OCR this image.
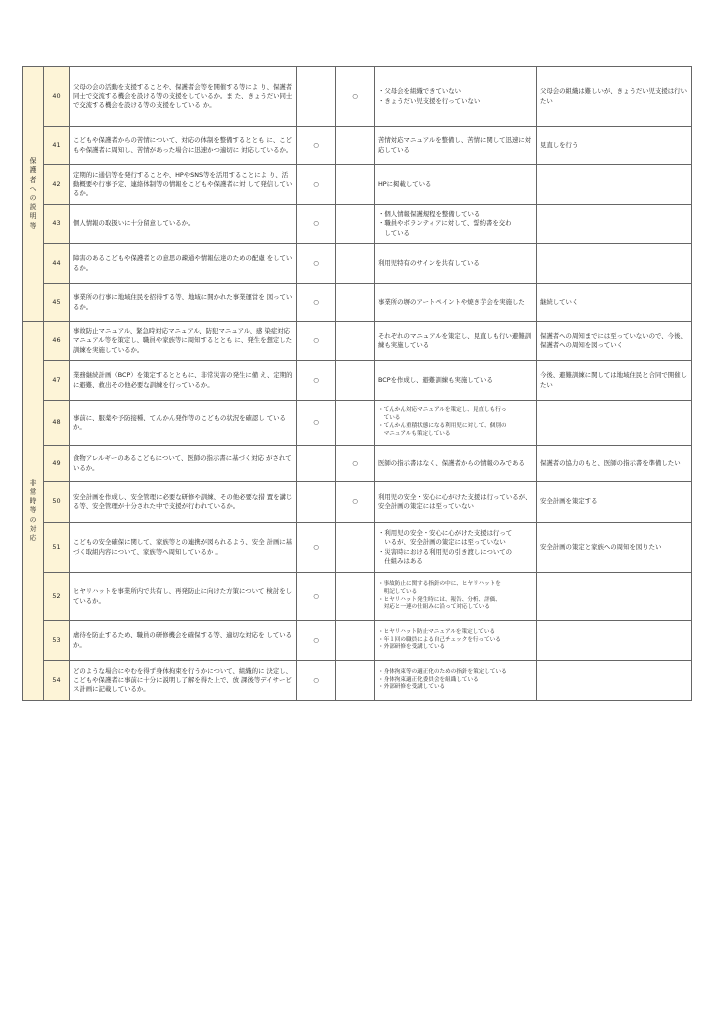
保護者への説明等	40	父母の会の活動を支援することや、保護者会等を開催する等によ り、保護者同士で交流する機会を設ける等の支援をしているか。ま た、きょうだい同士で交流する機会を設ける等の支援をしている か。		○	・父母会を組織できていない
・きょうだい児支援を行っていない	父母会の組織は難しいが、きょうだい児支援は行いたい
	41	こどもや保護者からの苦情について、対応の体制を整備するととも に、こどもや保護者に周知し、苦情があった場合に迅速かつ適切に 対応しているか。	○		苦情対応マニュアルを整備し、苦情に関して迅速に対応している	見直しを行う
	42	定期的に通信等を発行することや、HPやSNS等を活用することによ り、活動概要や行事予定、連絡体制等の情報をこどもや保護者に対 して発信しているか。	○		HPに掲載している	

	43	個人情報の取扱いに十分留意しているか。	○		・個人情報保護規程を整備している
・職員やボランティアに対して、誓約書を交わ
　している	

	44	障害のあるこどもや保護者との意思の疎通や情報伝達のための配慮 をしているか。	○		利用児特有のサインを共有している	

	45	事業所の行事に地域住民を招待する等、地域に開かれた事業運営を 図っているか。	○		事業所の塀のアートペイントや焼き芋会を実施した	継続していく

非常時等の対応	46	事故防止マニュアル、緊急時対応マニュアル、防犯マニュアル、感 染症対応マニュアル等を策定し、職員や家族等に周知するととも に、発生を想定した訓練を実施しているか。	○		それぞれのマニュアルを策定し、見直しも行い避難訓練も実施している	保護者への周知までには至っていないので、今後、保護者への周知を図っていく
	47	業務継続計画（BCP）を策定するとともに、非常災害の発生に備 え、定期的に避難、救出その他必要な訓練を行っているか。	○		BCPを作成し、避難訓練も実施している	今後、避難訓練に関しては地域住民と合同で開催したい
	48	事前に、服薬や予防接種、てんかん発作等のこどもの状況を確認し ているか。	○		・てんかん対応マニュアルを策定し、見直しも行っ
　ている
・てんかん重積状態になる利用児に対して、個別の
　マニュアルも策定している	

	49	食物アレルギーのあるこどもについて、医師の指示書に基づく対応 がされているか。		○	医師の指示書はなく、保護者からの情報のみである	保護者の協力のもと、医師の指示書を準備したい
	50	安全計画を作成し、安全管理に必要な研修や訓練、その他必要な措 置を講じる等、安全管理が十分された中で支援が行われているか。		○	利用児の安全・安心に心がけた支援は行っているが、安全計画の策定には至っていない	安全計画を策定する
	51	こどもの安全確保に関して、家族等との連携が図られるよう、安全 計画に基づく取組内容について、家族等へ周知しているか 。	○		・利用児の安全・安心に心がけた支援は行って
　いるが、安全計画の策定には至っていない
・災害時における利用児の引き渡しについての
　仕組みはある	安全計画の策定と家族への周知を図りたい
	52	ヒヤリハットを事業所内で共有し、再発防止に向けた方策について 検討をしているか。	○		・事故防止に関する指針の中に、ヒヤリハットを
　明記している
・ヒヤリハット発生時には、報告、分析、評価、
　対応と一連の仕組みに沿って対応している	

	53	虐待を防止するため、職員の研修機会を確保する等、適切な対応を しているか。	○		・ヒヤリハット防止マニュアルを策定している
・年１回の職員による自己チェックを行っている
・外部研修を受講している	

	54	どのような場合にやむを得ず身体拘束を行うかについて、組織的に 決定し、こどもや保護者に事前に十分に説明し了解を得た上で、放 課後等デイサービス計画に記載しているか。	○		・身体拘束等の適正化のための指針を策定している
・身体拘束適正化委員会を組織している
・外部研修を受講している	
